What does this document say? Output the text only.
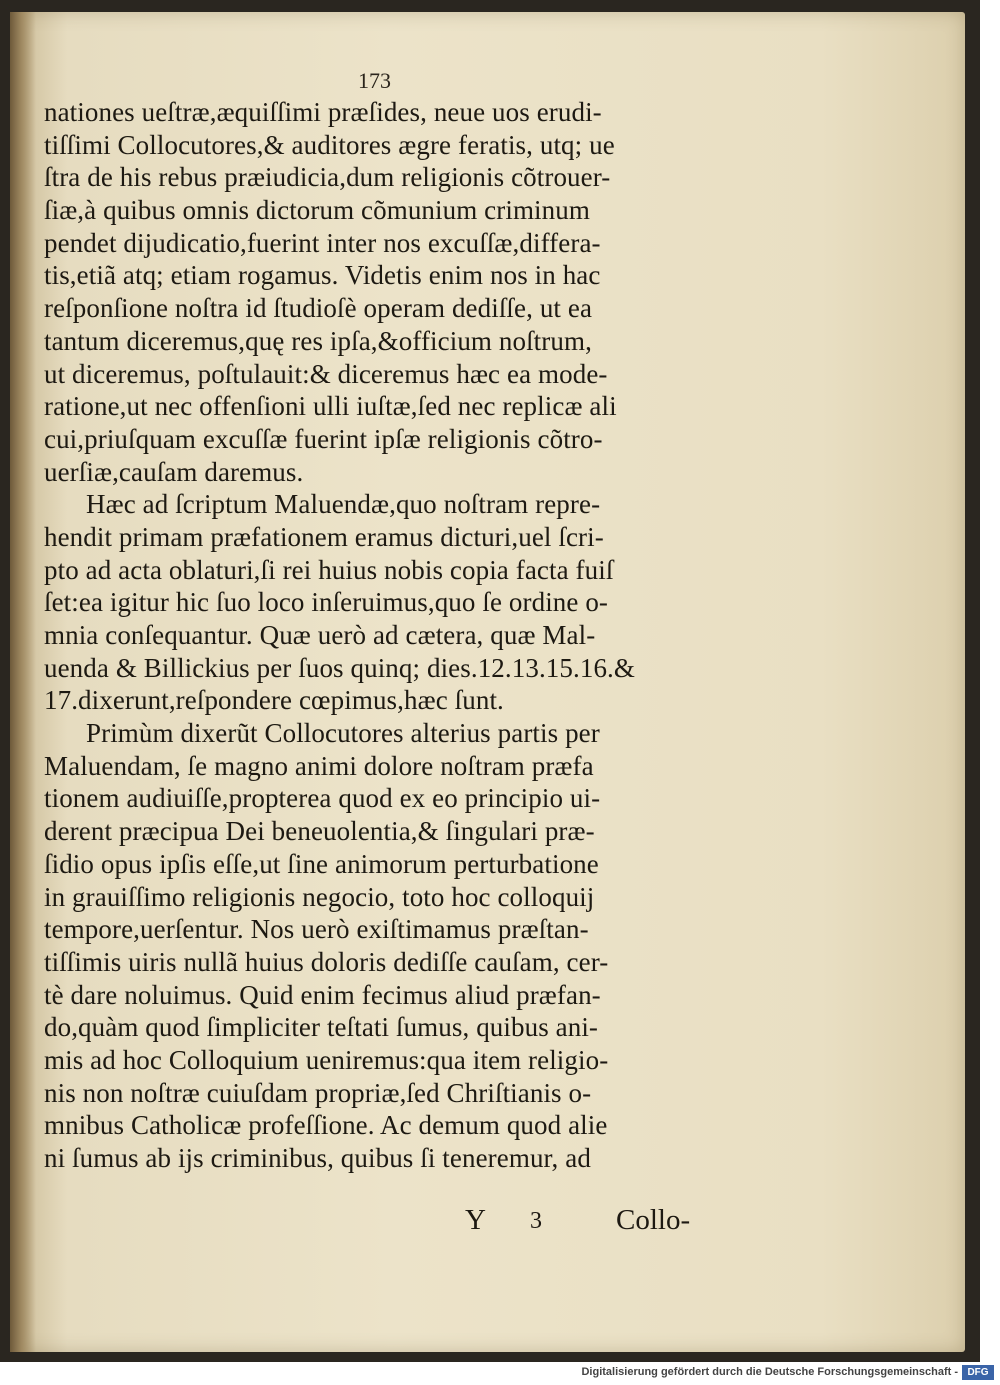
173
nationes ueſtræ,æquiſſimi præſides, neue uos erudi-
tiſſimi Collocutores,& auditores ægre feratis, utq; ue
ſtra de his rebus præiudicia,dum religionis cõtrouer-
ſiæ,à quibus omnis dictorum cõmunium criminum
pendet dijudicatio,fuerint inter nos excuſſæ,differa-
tis,etiã atq; etiam rogamus. Videtis enim nos in hac
reſponſione noſtra id ſtudioſè operam dediſſe, ut ea
tantum diceremus,quę res ipſa,&officium noſtrum,
ut diceremus, poſtulauit:& diceremus hæc ea mode-
ratione,ut nec offenſioni ulli iuſtæ,ſed nec replicæ ali
cui,priuſquam excuſſæ fuerint ipſæ religionis cõtro-
uerſiæ,cauſam daremus.
Hæc ad ſcriptum Maluendæ,quo noſtram repre-
hendit primam præfationem eramus dicturi,uel ſcri-
pto ad acta oblaturi,ſi rei huius nobis copia facta fuiſ
ſet:ea igitur hic ſuo loco inſeruimus,quo ſe ordine o-
mnia conſequantur. Quæ uerò ad cætera, quæ Mal-
uenda & Billickius per ſuos quinq; dies.12.13.15.16.&
17.dixerunt,reſpondere cœpimus,hæc ſunt.
Primùm dixerũt Collocutores alterius partis per
Maluendam, ſe magno animi dolore noſtram præfa
tionem audiuiſſe,propterea quod ex eo principio ui-
derent præcipua Dei beneuolentia,& ſingulari præ-
ſidio opus ipſis eſſe,ut ſine animorum perturbatione
in grauiſſimo religionis negocio, toto hoc colloquij
tempore,uerſentur. Nos uerò exiſtimamus præſtan-
tiſſimis uiris nullã huius doloris dediſſe cauſam, cer-
tè dare noluimus. Quid enim fecimus aliud præfan-
do,quàm quod ſimpliciter teſtati ſumus, quibus ani-
mis ad hoc Colloquium ueniremus:qua item religio-
nis non noſtræ cuiuſdam propriæ,ſed Chriſtianis o-
mnibus Catholicæ profeſſione. Ac demum quod alie
ni ſumus ab ijs criminibus, quibus ſi teneremur, ad
Y 3	Collo-
Digitalisierung gefördert durch die Deutsche Forschungsgemeinschaft - DFG
